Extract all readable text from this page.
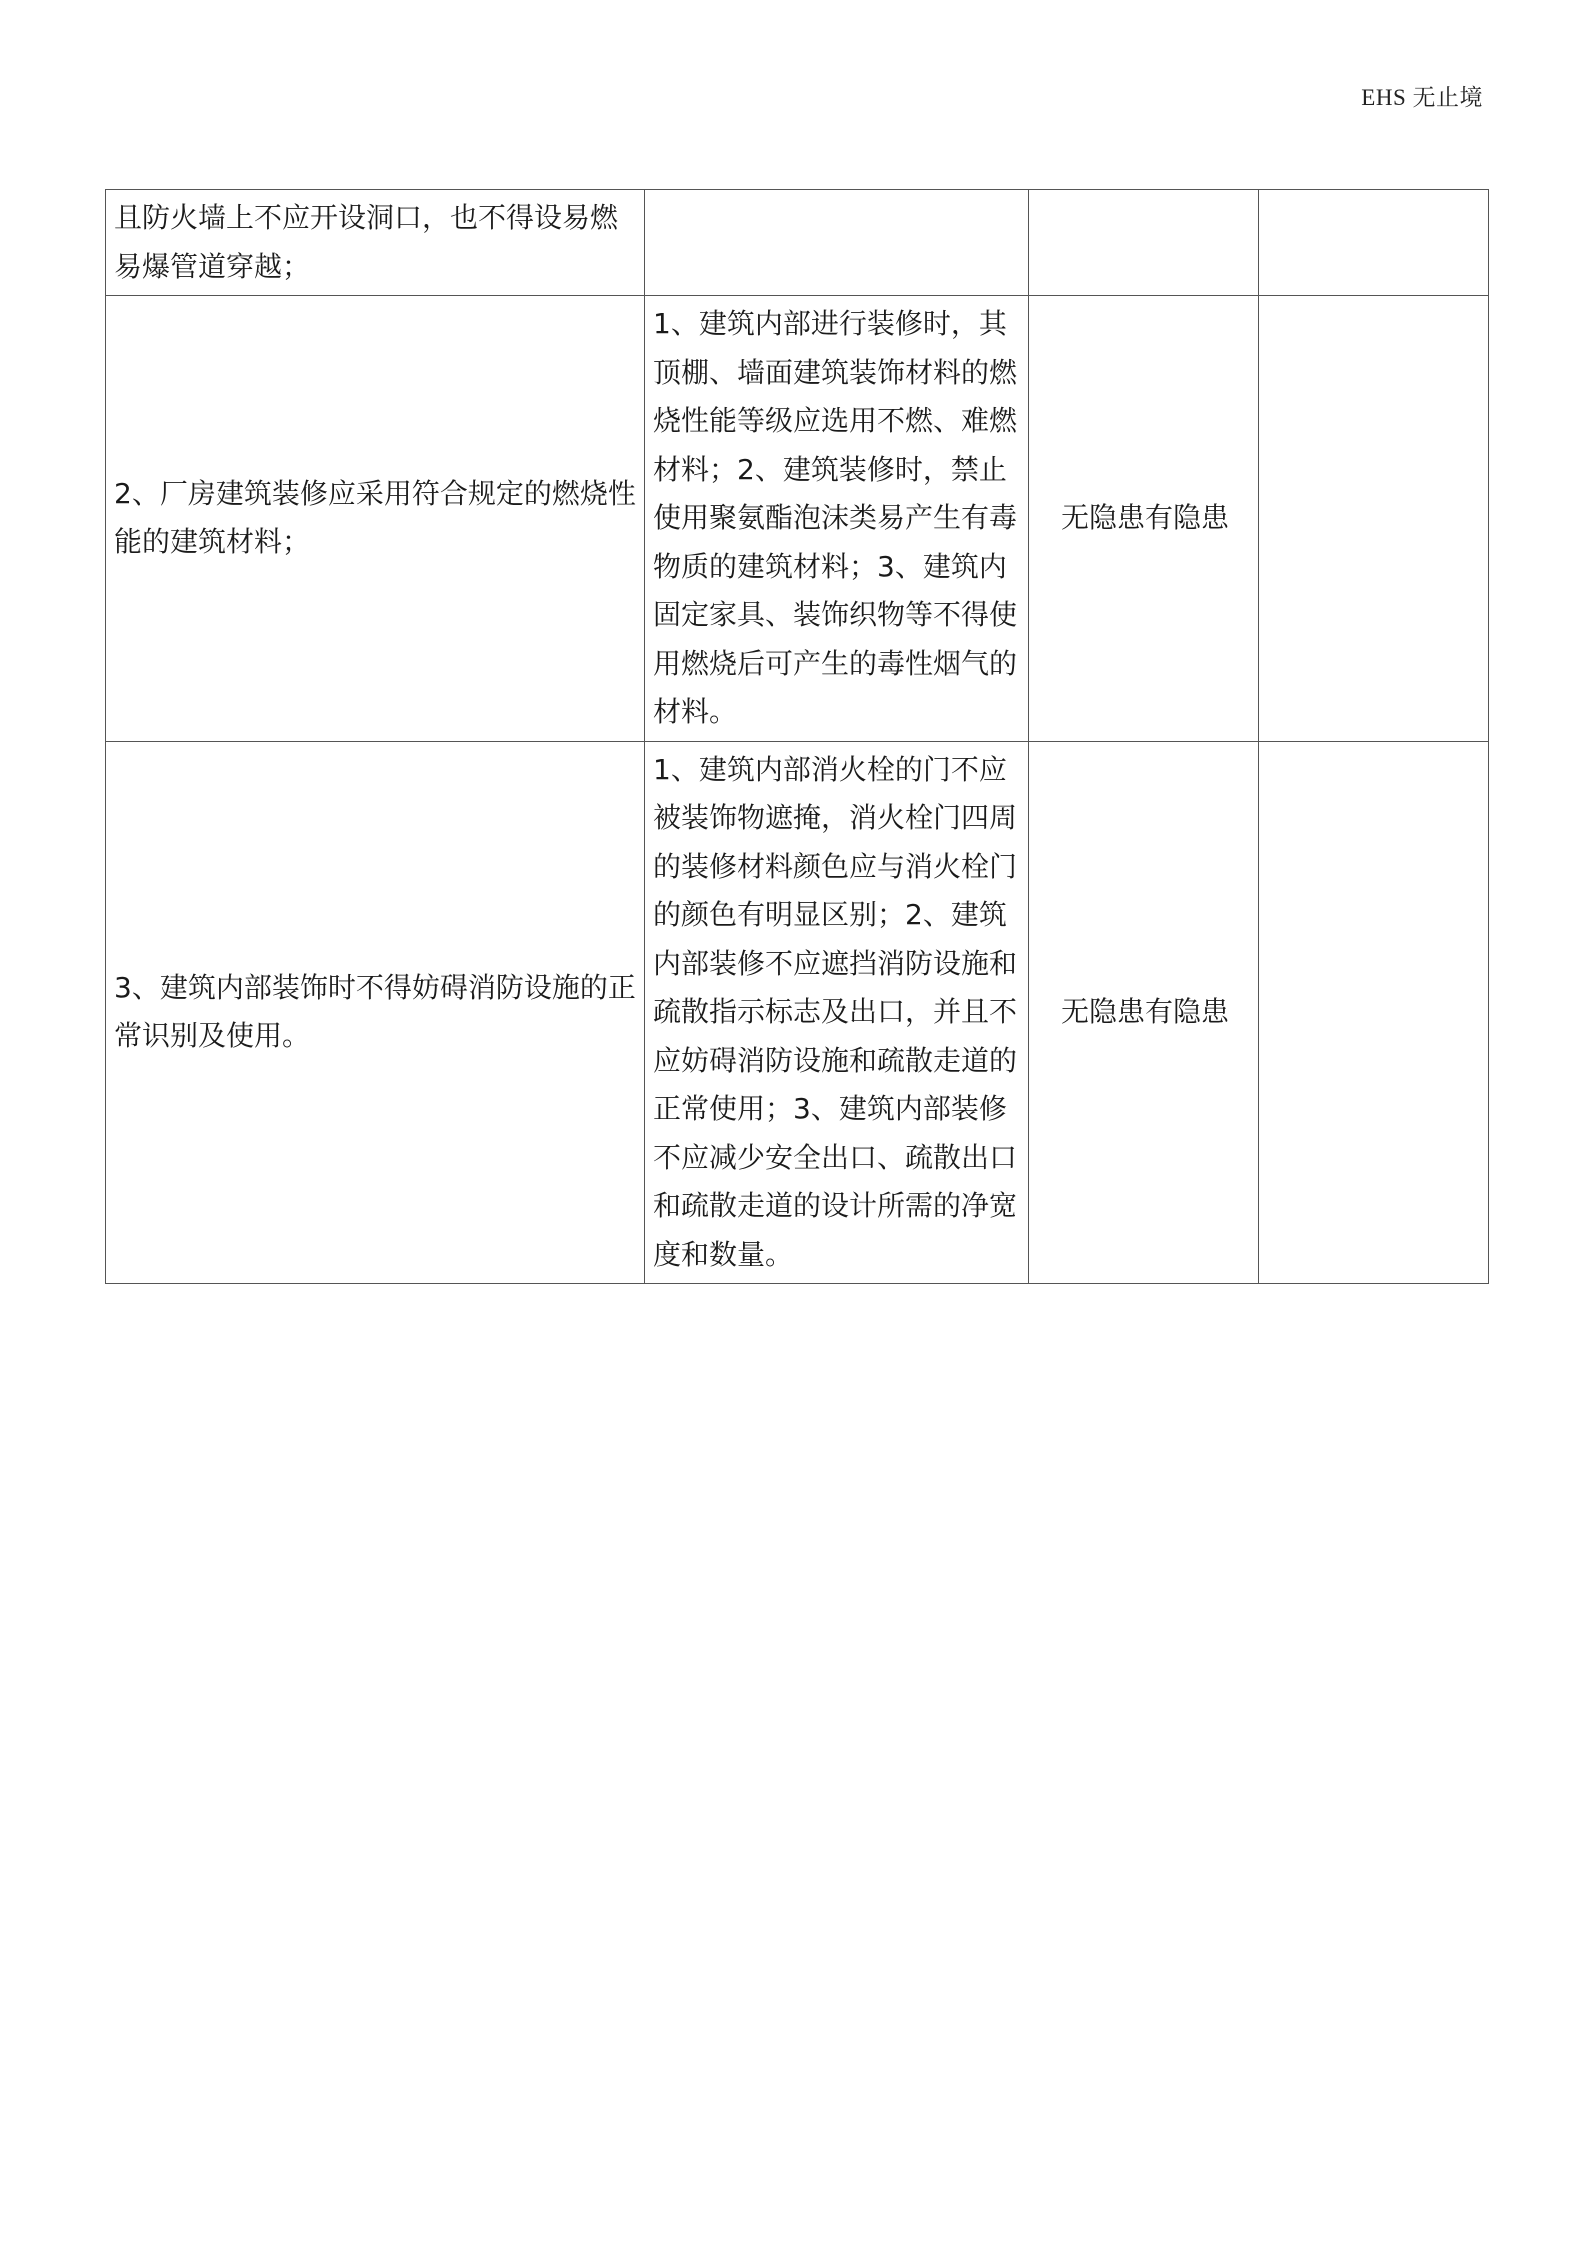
EHS 无止境
且防火墙上不应开设洞口，也不得设易燃易爆管道穿越；			
2、厂房建筑装修应采用符合规定的燃烧性能的建筑材料；	1、建筑内部进行装修时，其顶棚、墙面建筑装饰材料的燃烧性能等级应选用不燃、难燃材料；2、建筑装修时，禁止使用聚氨酯泡沫类易产生有毒物质的建筑材料；3、建筑内固定家具、装饰织物等不得使用燃烧后可产生的毒性烟气的材料。	无隐患有隐患	
3、建筑内部装饰时不得妨碍消防设施的正常识别及使用。	1、建筑内部消火栓的门不应被装饰物遮掩，消火栓门四周的装修材料颜色应与消火栓门的颜色有明显区别；2、建筑内部装修不应遮挡消防设施和疏散指示标志及出口，并且不应妨碍消防设施和疏散走道的正常使用；3、建筑内部装修不应减少安全出口、疏散出口和疏散走道的设计所需的净宽度和数量。	无隐患有隐患	
